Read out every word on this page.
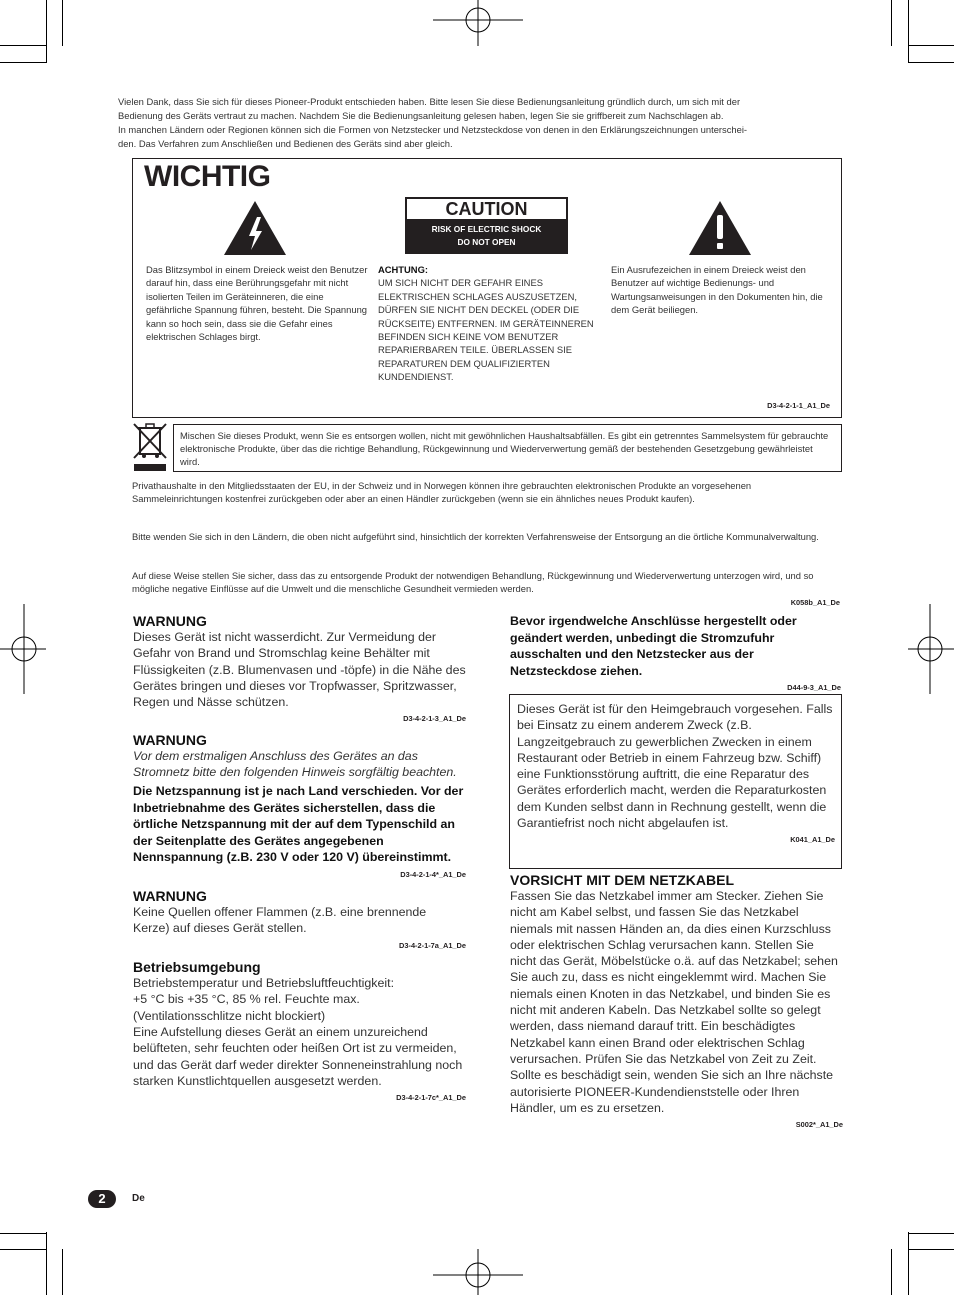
Vielen Dank, dass Sie sich für dieses Pioneer-Produkt entschieden haben. Bitte lesen Sie diese Bedienungsanleitung gründlich durch, um sich mit der

Bedienung des Geräts vertraut zu machen. Nachdem Sie die Bedienungsanleitung gelesen haben, legen Sie sie griffbereit zum Nachschlagen ab.

In manchen Ländern oder Regionen können sich die Formen von Netzstecker und Netzsteckdose von denen in den Erklärungszeichnungen unterschei-

den. Das Verfahren zum Anschließen und Bedienen des Geräts sind aber gleich.

WICHTIG
CAUTION
RISK OF ELECTRIC SHOCK
DO NOT OPEN
Das Blitzsymbol in einem Dreieck weist den Benutzer darauf hin, dass eine Berührungsgefahr mit nicht isolierten Teilen im Geräteinneren, die eine gefährliche Spannung führen, besteht. Die Spannung kann so hoch sein, dass sie die Gefahr eines elektrischen Schlages birgt.
ACHTUNG:
UM SICH NICHT DER GEFAHR EINES ELEKTRISCHEN SCHLAGES AUSZUSETZEN, DÜRFEN SIE NICHT DEN DECKEL (ODER DIE RÜCKSEITE) ENTFERNEN. IM GERÄTEINNEREN BEFINDEN SICH KEINE VOM BENUTZER REPARIERBAREN TEILE. ÜBERLASSEN SIE REPARATUREN DEM QUALIFIZIERTEN KUNDENDIENST.
Ein Ausrufezeichen in einem Dreieck weist den Benutzer auf wichtige Bedienungs- und Wartungsanweisungen in den Dokumenten hin, die dem Gerät beiliegen.
D3-4-2-1-1_A1_De
Mischen Sie dieses Produkt, wenn Sie es entsorgen wollen, nicht mit gewöhnlichen Haushaltsabfällen. Es gibt ein getrenntes Sammelsystem für gebrauchte elektronische Produkte, über das die richtige Behandlung, Rückgewinnung und Wiederverwertung gemäß der bestehenden Gesetzgebung gewährleistet wird.
Privathaushalte in den Mitgliedsstaaten der EU, in der Schweiz und in Norwegen können ihre gebrauchten elektronischen Produkte an vorgesehenen Sammeleinrichtungen kostenfrei zurückgeben oder aber an einen Händler zurückgeben (wenn sie ein ähnliches neues Produkt kaufen).
Bitte wenden Sie sich in den Ländern, die oben nicht aufgeführt sind, hinsichtlich der korrekten Verfahrensweise der Entsorgung an die örtliche Kommunalverwaltung.
Auf diese Weise stellen Sie sicher, dass das zu entsorgende Produkt der notwendigen Behandlung, Rückgewinnung und Wiederverwertung unterzogen wird, und so mögliche negative Einflüsse auf die Umwelt und die menschliche Gesundheit vermieden werden.
K058b_A1_De
WARNUNG

Dieses Gerät ist nicht wasserdicht. Zur Vermeidung der Gefahr von Brand und Stromschlag keine Behälter mit Flüssigkeiten (z.B. Blumenvasen und -töpfe) in die Nähe des Gerätes bringen und dieses vor Tropfwasser, Spritzwasser, Regen und Nässe schützen.

D3-4-2-1-3_A1_De
WARNUNG

Vor dem erstmaligen Anschluss des Gerätes an das Stromnetz bitte den folgenden Hinweis sorgfältig beachten.

Die Netzspannung ist je nach Land verschieden. Vor der Inbetriebnahme des Gerätes sicherstellen, dass die örtliche Netzspannung mit der auf dem Typenschild an der Seitenplatte des Gerätes angegebenen Nennspannung (z.B. 230 V oder 120 V) übereinstimmt.

D3-4-2-1-4*_A1_De
WARNUNG

Keine Quellen offener Flammen (z.B. eine brennende Kerze) auf dieses Gerät stellen.

D3-4-2-1-7a_A1_De
Betriebsumgebung

Betriebstemperatur und Betriebsluftfeuchtigkeit:

+5 °C bis +35 °C, 85 % rel. Feuchte max.

(Ventilationsschlitze nicht blockiert)

Eine Aufstellung dieses Gerät an einem unzureichend belüfteten, sehr feuchten oder heißen Ort ist zu vermeiden, und das Gerät darf weder direkter Sonneneinstrahlung noch starken Kunstlichtquellen ausgesetzt werden.

D3-4-2-1-7c*_A1_De

Bevor irgendwelche Anschlüsse hergestellt oder geändert werden, unbedingt die Stromzufuhr ausschalten und den Netzstecker aus der Netzsteckdose ziehen.

D44-9-3_A1_De

Dieses Gerät ist für den Heimgebrauch vorgesehen. Falls bei Einsatz zu einem anderem Zweck (z.B. Langzeitgebrauch zu gewerblichen Zwecken in einem Restaurant oder Betrieb in einem Fahrzeug bzw. Schiff) eine Funktionsstörung auftritt, die eine Reparatur des Gerätes erforderlich macht, werden die Reparaturkosten dem Kunden selbst dann in Rechnung gestellt, wenn die Garantiefrist noch nicht abgelaufen ist.

K041_A1_De
VORSICHT MIT DEM NETZKABEL

Fassen Sie das Netzkabel immer am Stecker. Ziehen Sie nicht am Kabel selbst, und fassen Sie das Netzkabel niemals mit nassen Händen an, da dies einen Kurzschluss oder elektrischen Schlag verursachen kann. Stellen Sie nicht das Gerät, Möbelstücke o.ä. auf das Netzkabel; sehen Sie auch zu, dass es nicht eingeklemmt wird. Machen Sie niemals einen Knoten in das Netzkabel, und binden Sie es nicht mit anderen Kabeln. Das Netzkabel sollte so gelegt werden, dass niemand darauf tritt. Ein beschädigtes Netzkabel kann einen Brand oder elektrischen Schlag verursachen. Prüfen Sie das Netzkabel von Zeit zu Zeit. Sollte es beschädigt sein, wenden Sie sich an Ihre nächste autorisierte PIONEER-Kundendienststelle oder Ihren Händler, um es zu ersetzen.

S002*_A1_De
2	De
